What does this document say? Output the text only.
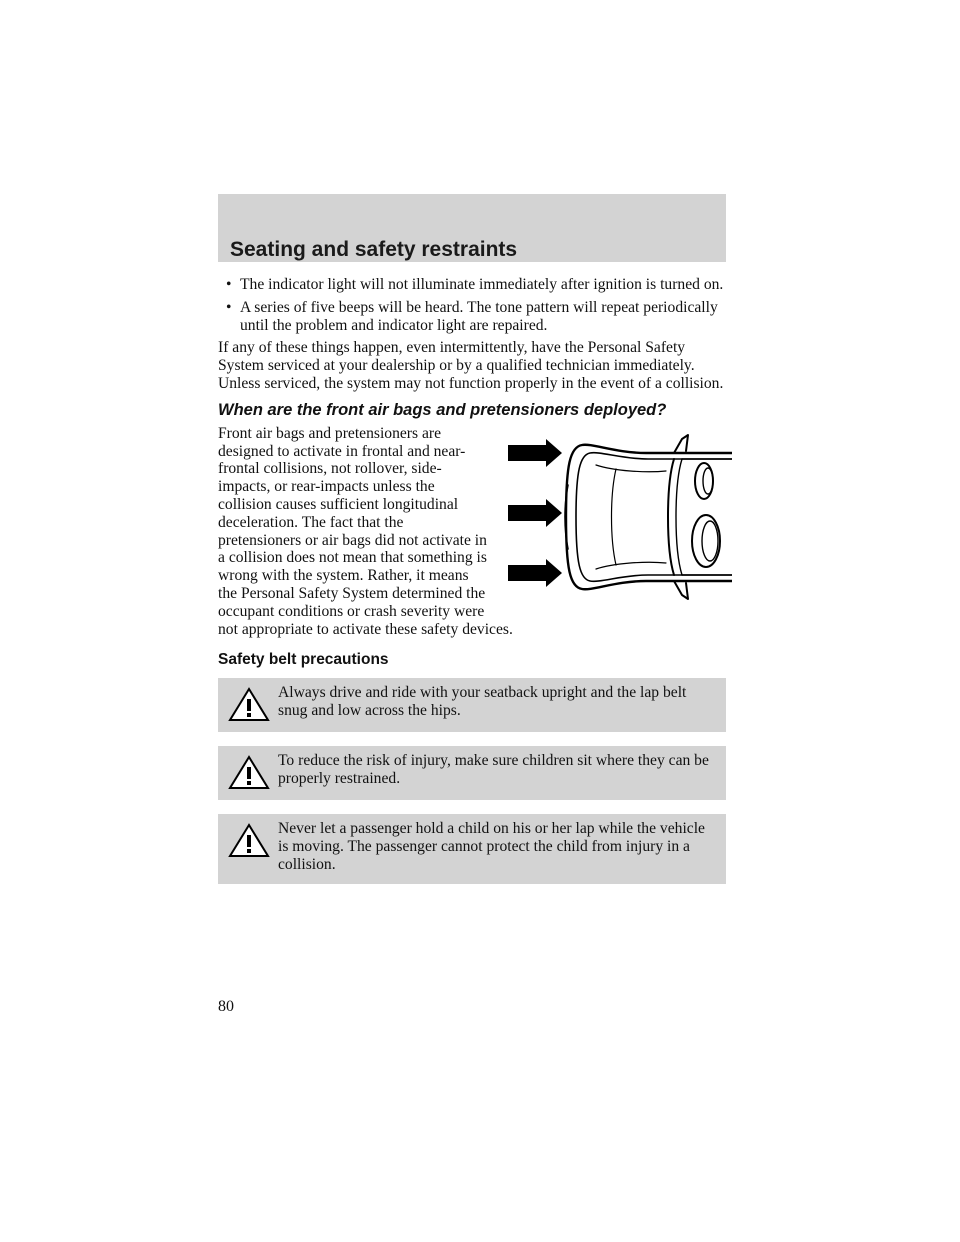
Seating and safety restraints
• The indicator light will not illuminate immediately after ignition is turned on.
• A series of five beeps will be heard. The tone pattern will repeat periodically until the problem and indicator light are repaired.

If any of these things happen, even intermittently, have the Personal Safety System serviced at your dealership or by a qualified technician immediately. Unless serviced, the system may not function properly in the event of a collision.

When are the front air bags and pretensioners deployed?

Front air bags and pretensioners are designed to activate in frontal and near-frontal collisions, not rollover, side-impacts, or rear-impacts unless the collision causes sufficient longitudinal deceleration. The fact that the pretensioners or air bags did not activate in a collision does not mean that something is wrong with the system. Rather, it means the Personal Safety System determined the occupant conditions or crash severity were not appropriate to activate these safety devices.

Safety belt precautions
Always drive and ride with your seatback upright and the lap belt snug and low across the hips.
To reduce the risk of injury, make sure children sit where they can be properly restrained.
Never let a passenger hold a child on his or her lap while the vehicle is moving. The passenger cannot protect the child from injury in a collision.
80
